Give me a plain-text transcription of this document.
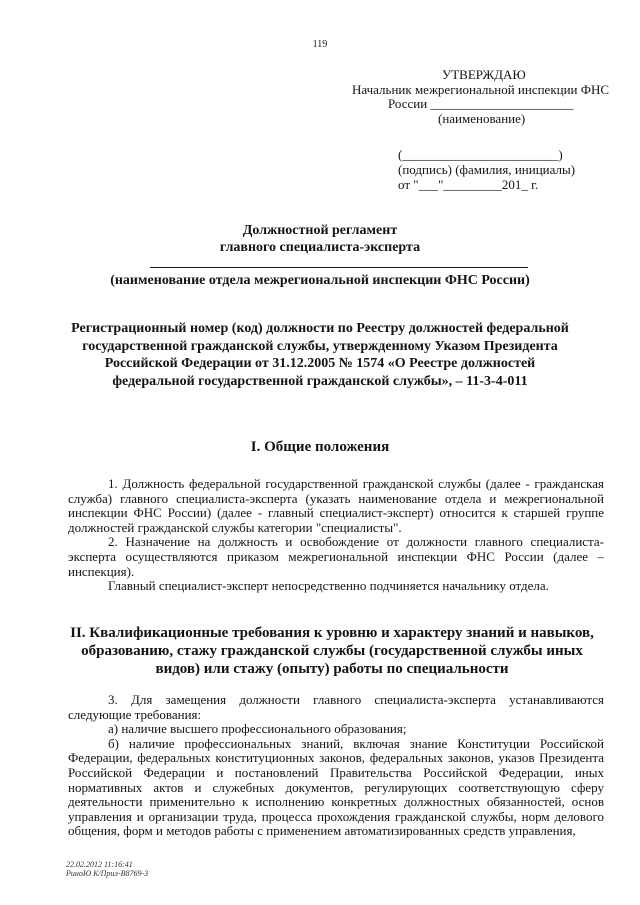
119
УТВЕРЖДАЮ
Начальник межрегиональной инспекции ФНС
России ______________________
(наименование)
(________________________)
(подпись) (фамилия, инициалы)
от "___"_________201_ г.
Должностной регламент
главного специалиста-эксперта
(наименование отдела межрегиональной инспекции ФНС России)
Регистрационный номер (код) должности по Реестру должностей федеральной государственной гражданской службы, утвержденному Указом Президента Российской Федерации от 31.12.2005 № 1574 «О Реестре должностей федеральной государственной гражданской службы», – 11-3-4-011
I. Общие положения

1. Должность федеральной государственной гражданской службы (далее - гражданская служба) главного специалиста-эксперта (указать наименование отдела и межрегиональной инспекции ФНС России) (далее - главный специалист-эксперт) относится к старшей группе должностей гражданской службы категории "специалисты".

2. Назначение на должность и освобождение от должности главного специалиста-эксперта осуществляются приказом межрегиональной инспекции ФНС России (далее – инспекция).

Главный специалист-эксперт непосредственно подчиняется начальнику отдела.

II. Квалификационные требования к уровню и характеру знаний и навыков, образованию, стажу гражданской службы (государственной службы иных видов) или стажу (опыту) работы по специальности

3. Для замещения должности главного специалиста-эксперта устанавливаются следующие требования:

а) наличие высшего профессионального образования;

б) наличие профессиональных знаний, включая знание Конституции Российской Федерации, федеральных конституционных законов, федеральных законов, указов Президента Российской Федерации и постановлений Правительства Российской Федерации, иных нормативных актов и служебных документов, регулирующих соответствующую сферу деятельности применительно к исполнению конкретных должностных обязанностей, основ управления и организации труда, процесса прохождения гражданской службы, норм делового общения, форм и методов работы с применением автоматизированных средств управления,

22.02.2012 11:16:41
РиноЮ К/Прил-В8769-3
